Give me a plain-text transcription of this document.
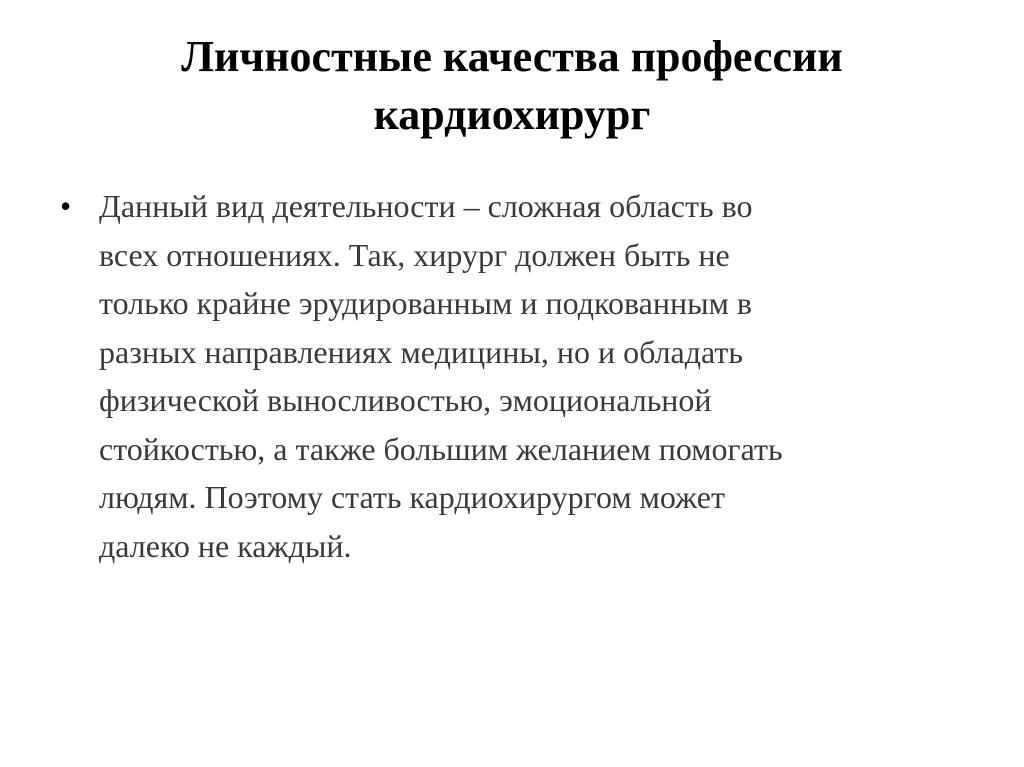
Личностные качества профессии
кардиохирург
• Данный вид деятельности – сложная область во
всех отношениях. Так, хирург должен быть не
только крайне эрудированным и подкованным в
разных направлениях медицины, но и обладать
физической выносливостью, эмоциональной
стойкостью, а также большим желанием помогать
людям. Поэтому стать кардиохирургом может
далеко не каждый.
